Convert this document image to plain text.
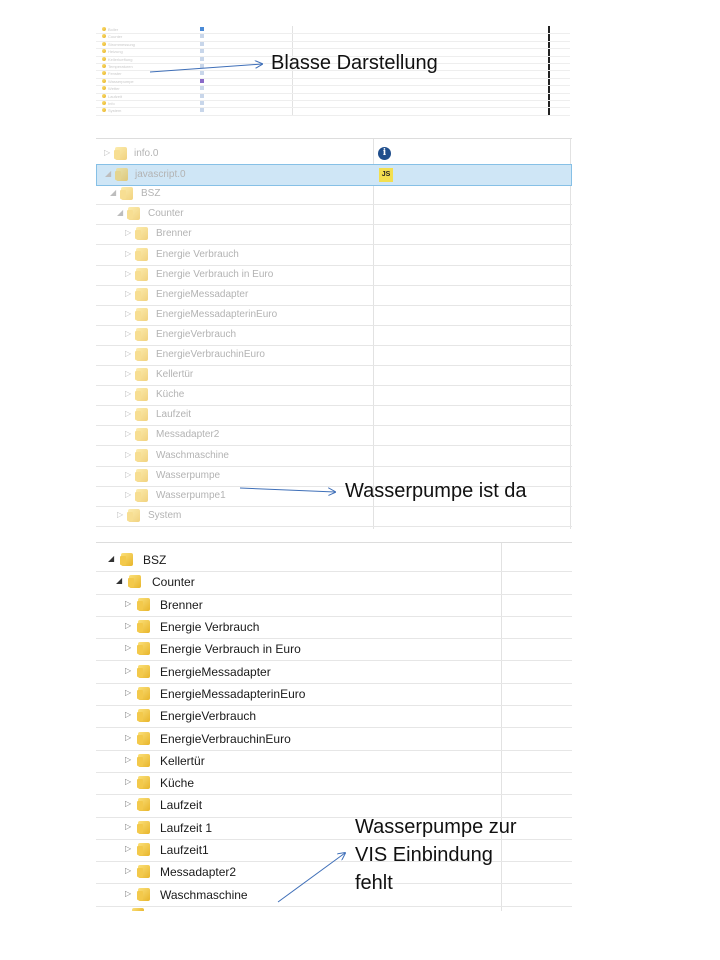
Boiler
Counter
Strommessung
Heizung
Kellerlueftung
Temperaturen
Fenster
Wasserpumpe
Wetter
Laufzeit
Info
System
▷ info.0	i
◢ javascript.0	JS
◢ BSZ
◢ Counter
▷ Brenner
▷ Energie Verbrauch
▷ Energie Verbrauch in Euro
▷ EnergieMessadapter
▷ EnergieMessadapterinEuro
▷ EnergieVerbrauch
▷ EnergieVerbrauchinEuro
▷ Kellertür
▷ Küche
▷ Laufzeit
▷ Messadapter2
▷ Waschmaschine
▷ Wasserpumpe
▷ Wasserpumpe1
▷ System
◢ BSZ
◢ Counter
▷ Brenner
▷ Energie Verbrauch
▷ Energie Verbrauch in Euro
▷ EnergieMessadapter
▷ EnergieMessadapterinEuro
▷ EnergieVerbrauch
▷ EnergieVerbrauchinEuro
▷ Kellertür
▷ Küche
▷ Laufzeit
▷ Laufzeit 1
▷ Laufzeit1
▷ Messadapter2
▷ Waschmaschine
Blasse Darstellung
Wasserpumpe ist da
Wasserpumpe zur
VIS Einbindung
fehlt
